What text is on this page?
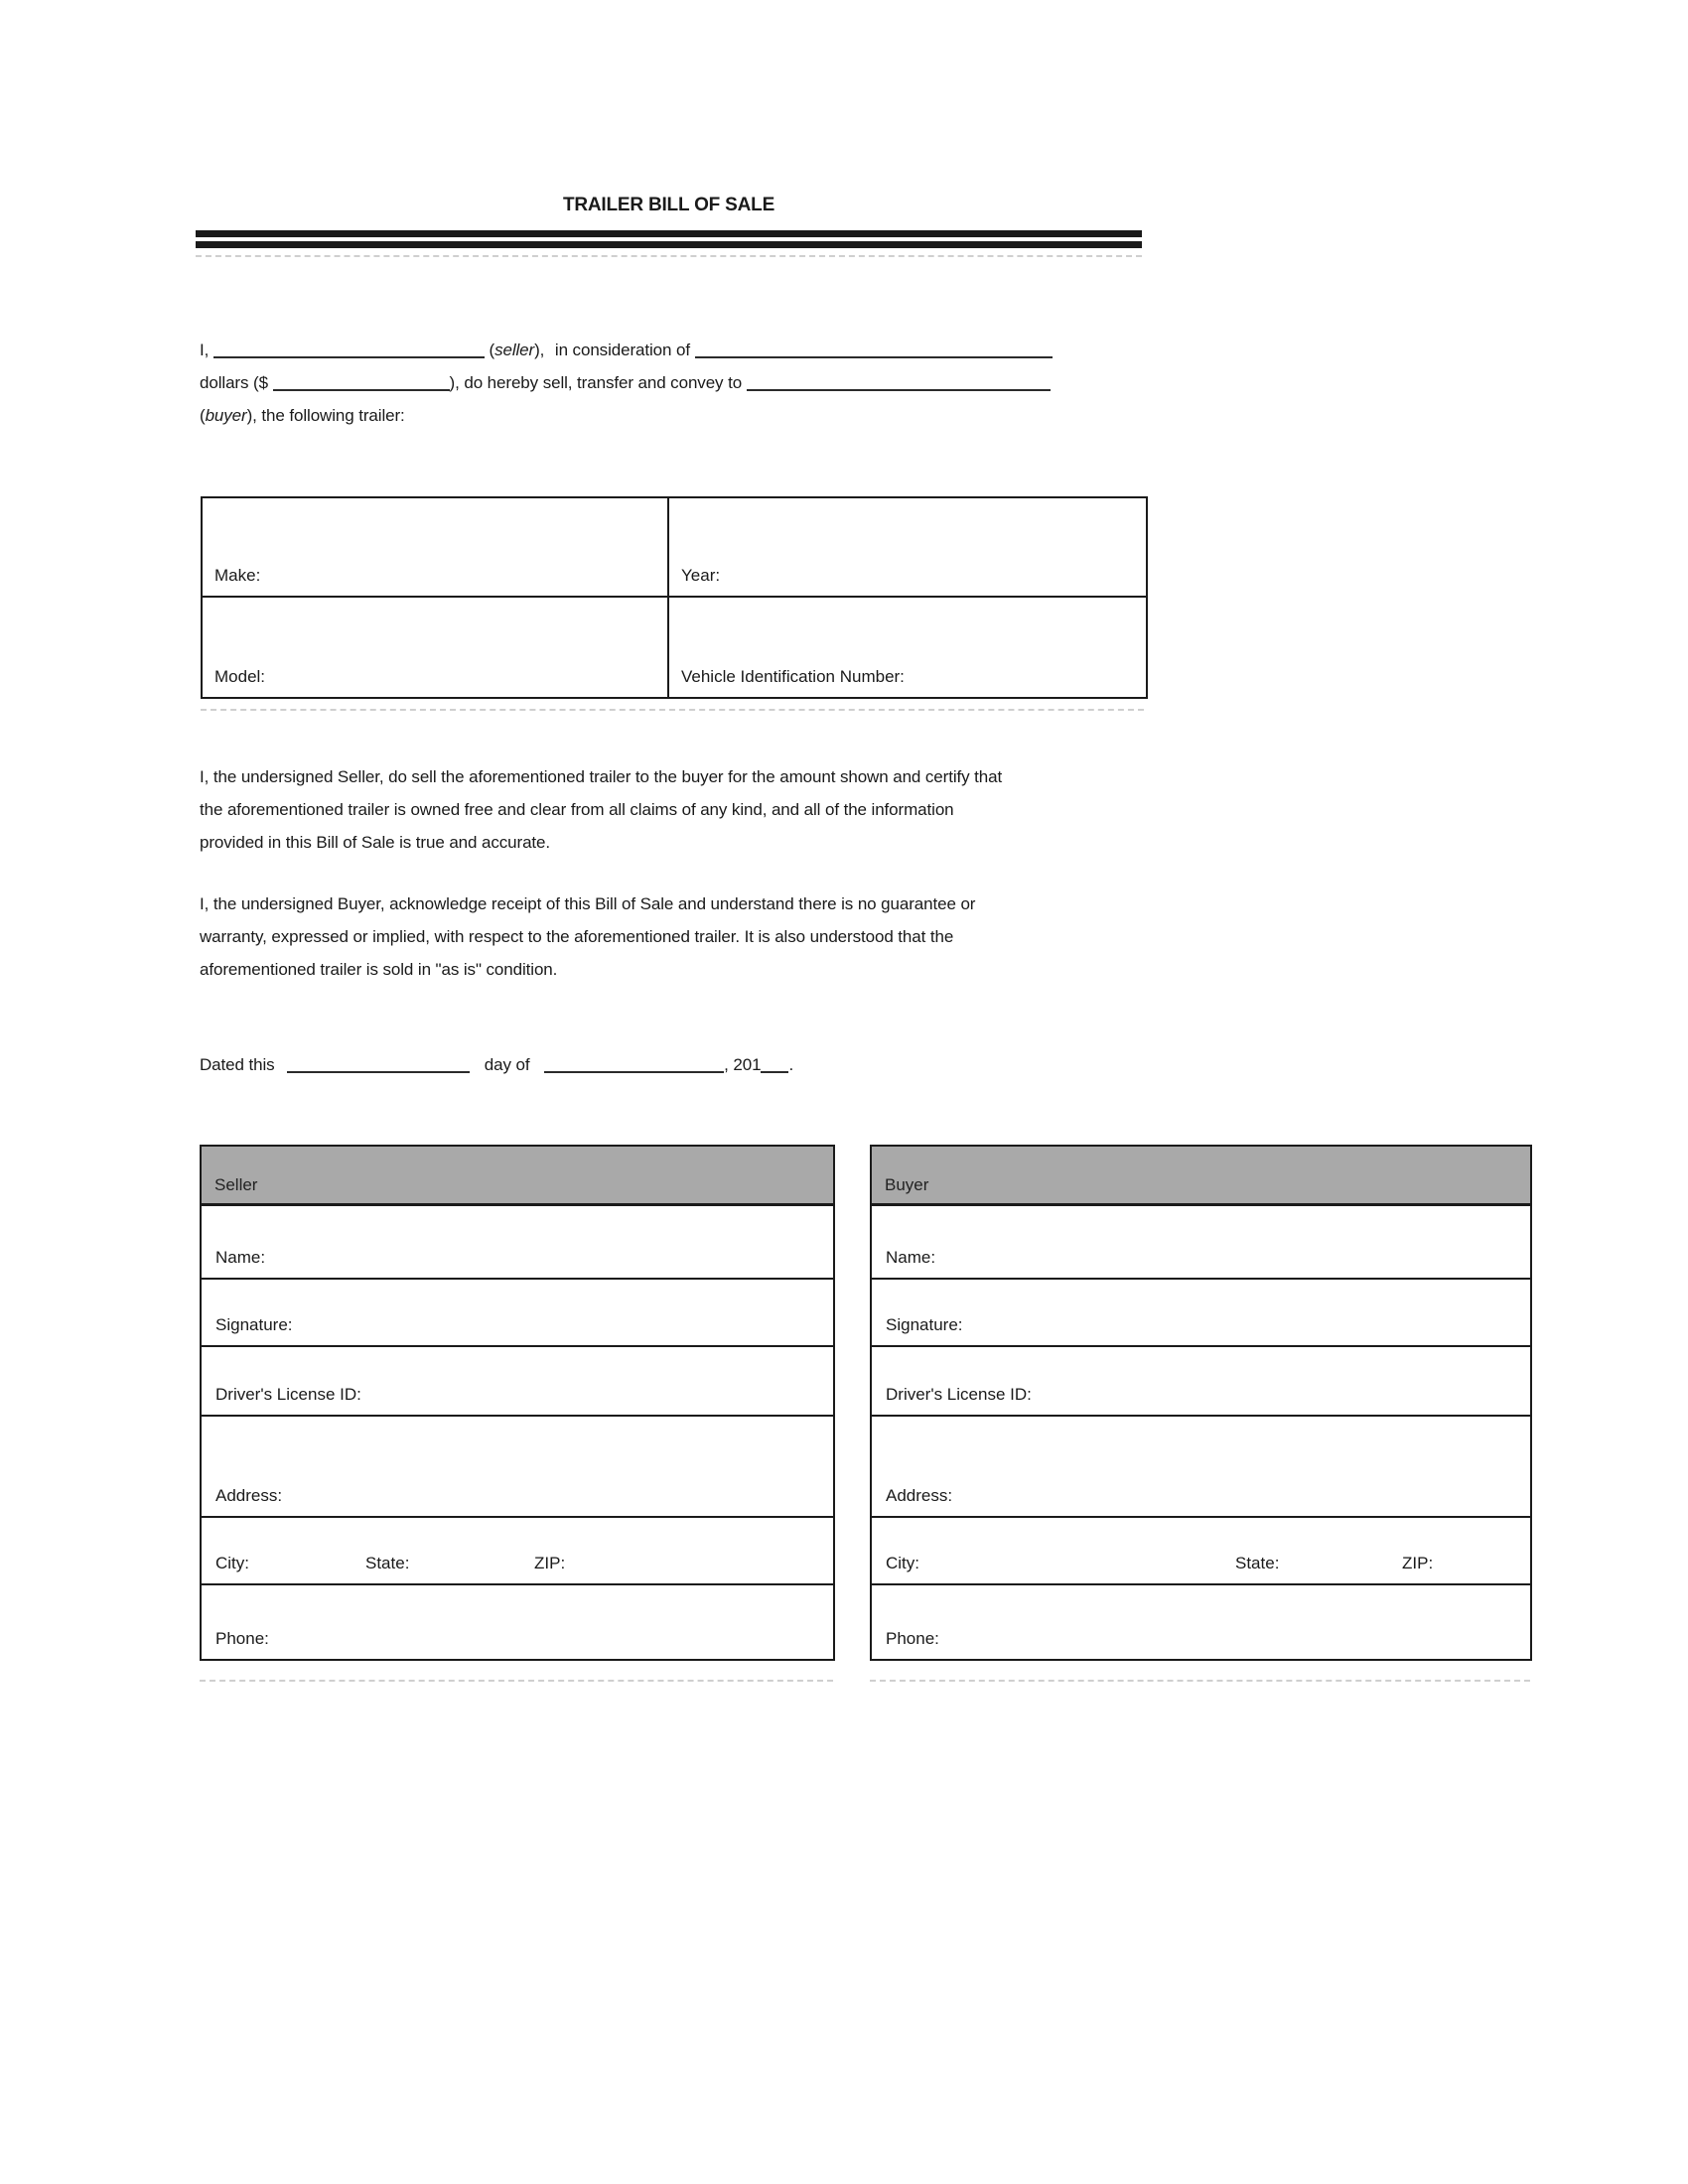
TRAILER BILL OF SALE
I,	(seller), in consideration of
dollars ($	), do hereby sell, transfer and convey to
(buyer), the following trailer:
Make:	Year:
Model:	Vehicle Identification Number:
I, the undersigned Seller, do sell the aforementioned trailer to the buyer for the amount shown and certify that
the aforementioned trailer is owned free and clear from all claims of any kind, and all of the information
provided in this Bill of Sale is true and accurate.
I, the undersigned Buyer, acknowledge receipt of this Bill of Sale and understand there is no guarantee or
warranty, expressed or implied, with respect to the aforementioned trailer. It is also understood that the
aforementioned trailer is sold in "as is" condition.
Dated this	day of	, 201 .
Seller
Name:
Signature:
Driver's License ID:
Address:
City:	State:	ZIP:
Phone:
Buyer
Name:
Signature:
Driver's License ID:
Address:
City:	State:	ZIP:
Phone:
